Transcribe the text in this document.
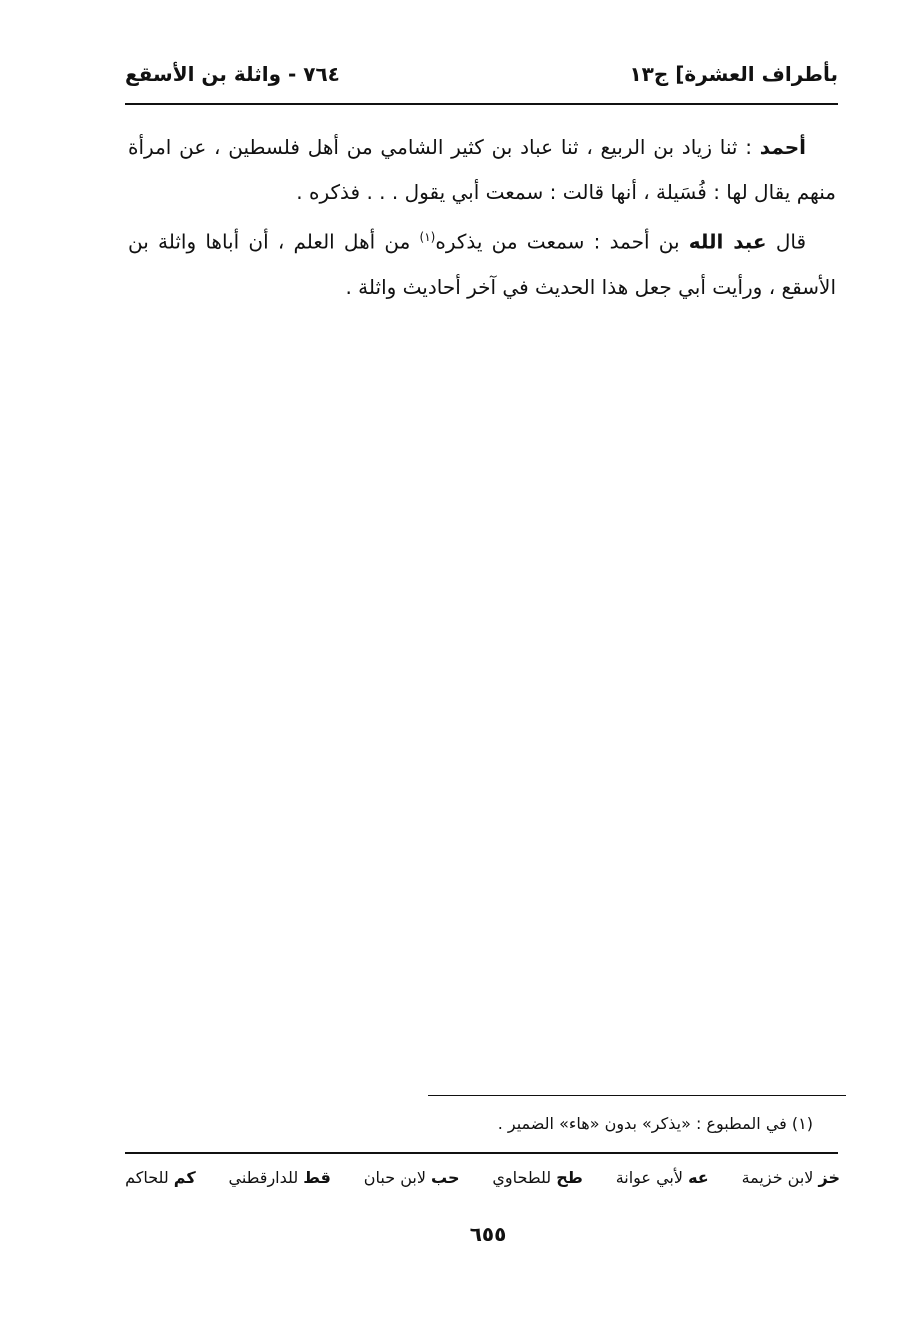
بأطراف العشرة] ج١٣
٧٦٤ - واثلة بن الأسقع

أحمد : ثنا زياد بن الربيع ، ثنا عباد بن كثير الشامي من أهل فلسطين ، عن امرأة منهم يقال لها : فُسَيلة ، أنها قالت : سمعت أبي يقول . . . فذكره .

قال عبد الله بن أحمد : سمعت من يذكره$^{(١)}$ من أهل العلم ، أن أباها واثلة بن الأسقع ، ورأيت أبي جعل هذا الحديث في آخر أحاديث واثلة .

(١) في المطبوع : «يذكر» بدون «هاء» الضمير .
خز لابن خزيمة
عه لأبي عوانة
طح للطحاوي
حب لابن حبان
قط للدارقطني
كم للحاكم
٦٥٥
